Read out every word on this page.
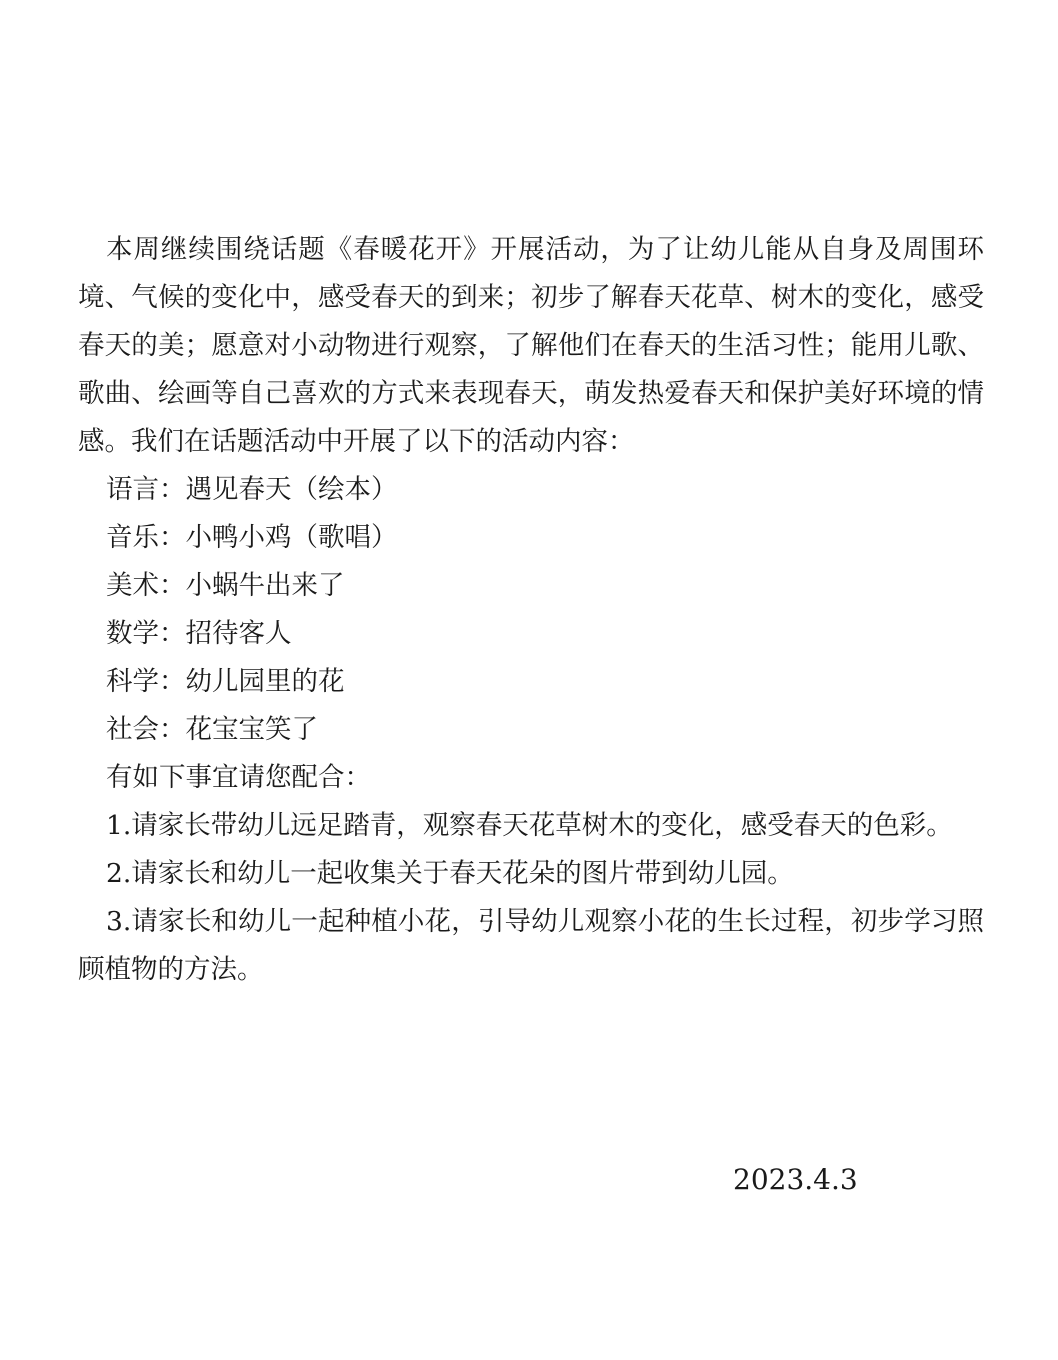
本周继续围绕话题《春暖花开》开展活动，为了让幼儿能从自身及周围环境、气候的变化中，感受春天的到来；初步了解春天花草、树木的变化，感受春天的美；愿意对小动物进行观察，了解他们在春天的生活习性；能用儿歌、歌曲、绘画等自己喜欢的方式来表现春天，萌发热爱春天和保护美好环境的情感。我们在话题活动中开展了以下的活动内容：

语言：遇见春天（绘本）

音乐：小鸭小鸡（歌唱）

美术：小蜗牛出来了

数学：招待客人

科学：幼儿园里的花

社会：花宝宝笑了

有如下事宜请您配合：

1.请家长带幼儿远足踏青，观察春天花草树木的变化，感受春天的色彩。

2.请家长和幼儿一起收集关于春天花朵的图片带到幼儿园。

3.请家长和幼儿一起种植小花，引导幼儿观察小花的生长过程，初步学习照顾植物的方法。

2023.4.3
